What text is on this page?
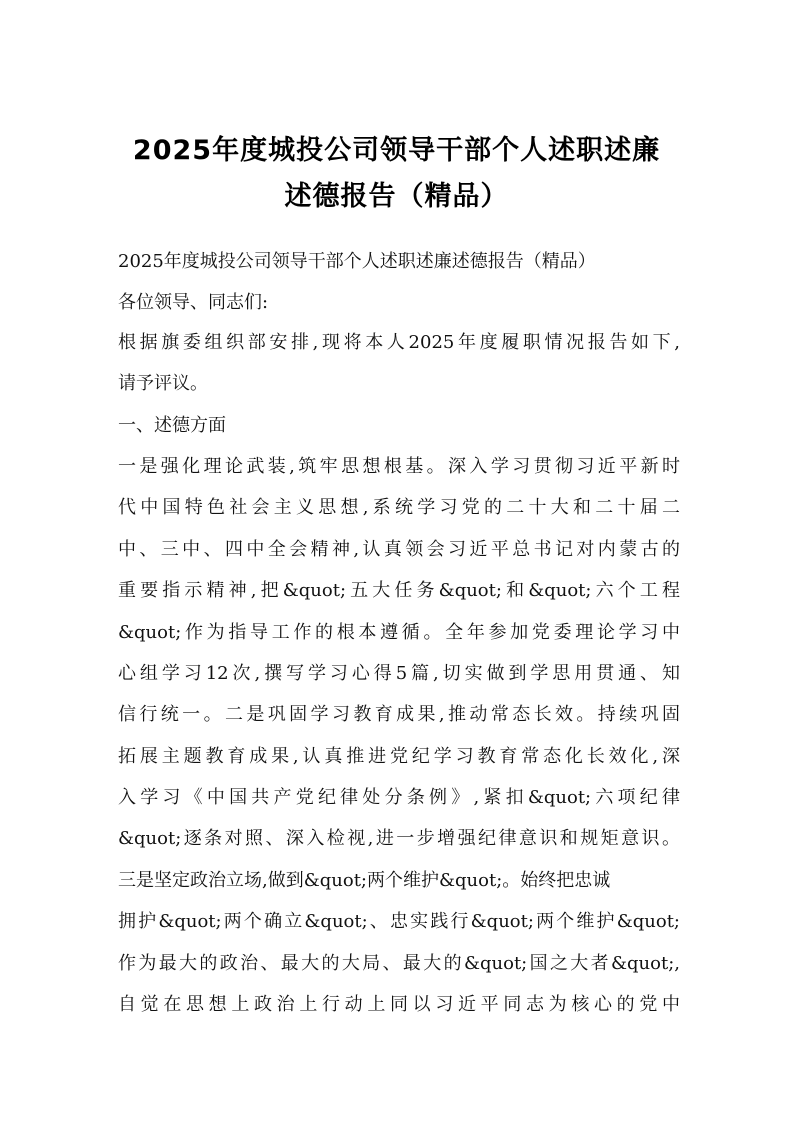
2025年度城投公司领导干部个人述职述廉
述德报告（精品）

2025年度城投公司领导干部个人述职述廉述德报告（精品）

各位领导、同志们:

根据旗委组织部安排,现将本人2025年度履职情况报告如下,

请予评议。

一、述德方面

一是强化理论武装,筑牢思想根基。深入学习贯彻习近平新时

代中国特色社会主义思想,系统学习党的二十大和二十届二

中、三中、四中全会精神,认真领会习近平总书记对内蒙古的

重要指示精神,把&quot;五大任务&quot;和&quot;六个工程

&quot;作为指导工作的根本遵循。全年参加党委理论学习中

心组学习12次,撰写学习心得5篇,切实做到学思用贯通、知

信行统一。二是巩固学习教育成果,推动常态长效。持续巩固

拓展主题教育成果,认真推进党纪学习教育常态化长效化,深

入学习《中国共产党纪律处分条例》,紧扣&quot;六项纪律

&quot;逐条对照、深入检视,进一步增强纪律意识和规矩意识。

三是坚定政治立场,做到&quot;两个维护&quot;。始终把忠诚

拥护&quot;两个确立&quot;、忠实践行&quot;两个维护&quot;

作为最大的政治、最大的大局、最大的&quot;国之大者&quot;,

自觉在思想上政治上行动上同以习近平同志为核心的党中
